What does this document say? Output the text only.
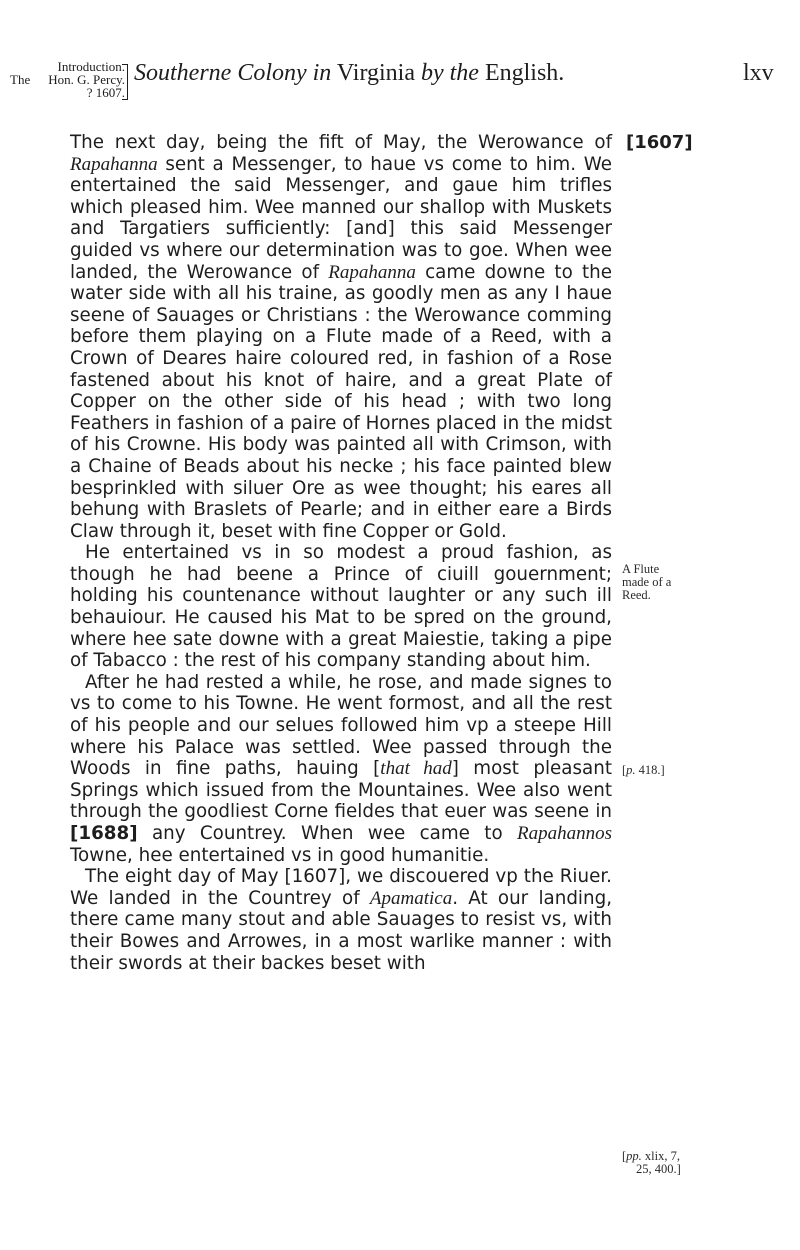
The
Introduction.
Hon. G. Percy.
? 1607.
Southerne Colony in Virginia by the English.	lxv
[1607]
A Flute
made of a
Reed.
[p. 418.]
[pp. xlix, 7,
25, 400.]

The next day, being the fift of May, the Werowance of Rapahanna sent a Messenger, to haue vs come to him. We entertained the said Messenger, and gaue him trifles which pleased him. Wee manned our shallop with Muskets and Targatiers sufficiently: [and] this said Messenger guided vs where our determination was to goe. When wee landed, the Werowance of Rapahanna came downe to the water side with all his traine, as goodly men as any I haue seene of Sauages or Christians : the Werowance comming before them playing on a Flute made of a Reed, with a Crown of Deares haire coloured red, in fashion of a Rose fastened about his knot of haire, and a great Plate of Copper on the other side of his head ; with two long Feathers in fashion of a paire of Hornes placed in the midst of his Crowne. His body was painted all with Crimson, with a Chaine of Beads about his necke ; his face painted blew besprinkled with siluer Ore as wee thought; his eares all behung with Braslets of Pearle; and in either eare a Birds Claw through it, beset with fine Copper or Gold.

He entertained vs in so modest a proud fashion, as though he had beene a Prince of ciuill gouernment; holding his countenance without laughter or any such ill behauiour. He caused his Mat to be spred on the ground, where hee sate downe with a great Maiestie, taking a pipe of Tabacco : the rest of his company standing about him.

After he had rested a while, he rose, and made signes to vs to come to his Towne. He went formost, and all the rest of his people and our selues followed him vp a steepe Hill where his Palace was settled. Wee passed through the Woods in fine paths, hauing [that had] most pleasant Springs which issued from the Mountaines. Wee also went through the goodliest Corne fieldes that euer was seene in [1688] any Countrey. When wee came to Rapahannos Towne, hee entertained vs in good humanitie.

The eight day of May [1607], we discouered vp the Riuer. We landed in the Countrey of Apamatica. At our landing, there came many stout and able Sauages to resist vs, with their Bowes and Arrowes, in a most warlike manner : with their swords at their backes beset with
